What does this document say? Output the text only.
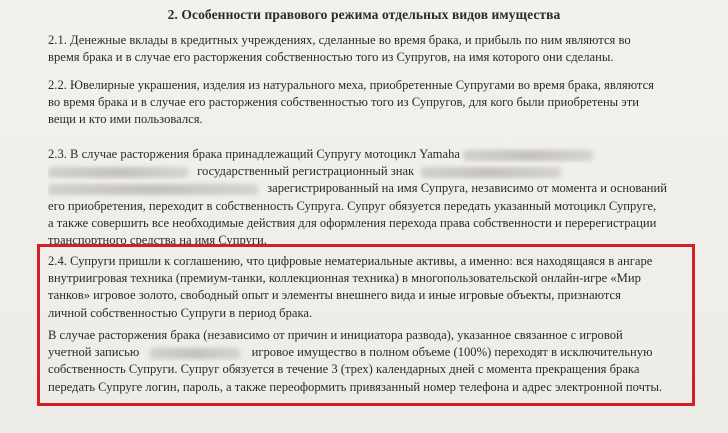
2. Особенности правового режима отдельных видов имущества
2.1. Денежные вклады в кредитных учреждениях, сделанные во время брака, и прибыль по ним являются во
время брака и в случае его расторжения собственностью того из Супругов, на имя которого они сделаны.
2.2. Ювелирные украшения, изделия из натурального меха, приобретенные Супругами во время брака, являются
во время брака и в случае его расторжения собственностью того из Супругов, для кого были приобретены эти
вещи и кто ими пользовался.
2.3. В случае расторжения брака принадлежащий Супругу мотоцикл Yamaha
государственный регистрационный знак
зарегистрированный на имя Супруга, независимо от момента и оснований
его приобретения, переходит в собственность Супруга. Супруг обязуется передать указанный мотоцикл Супруге,
а также совершить все необходимые действия для оформления перехода права собственности и перерегистрации
транспортного средства на имя Супруги.
2.4. Супруги пришли к соглашению, что цифровые нематериальные активы, а именно: вся находящаяся в ангаре
внутриигровая техника (премиум-танки, коллекционная техника) в многопользовательской онлайн-игре «Мир
танков» игровое золото, свободный опыт и элементы внешнего вида и иные игровые объекты, признаются
личной собственностью Супруги в период брака.
В случае расторжения брака (независимо от причин и инициатора развода), указанное связанное с игровой
учетной записью	игровое имущество в полном объеме (100%) переходят в исключительную
собственность Супруги. Супруг обязуется в течение 3 (трех) календарных дней с момента прекращения брака
передать Супруге логин, пароль, а также переоформить привязанный номер телефона и адрес электронной почты.
